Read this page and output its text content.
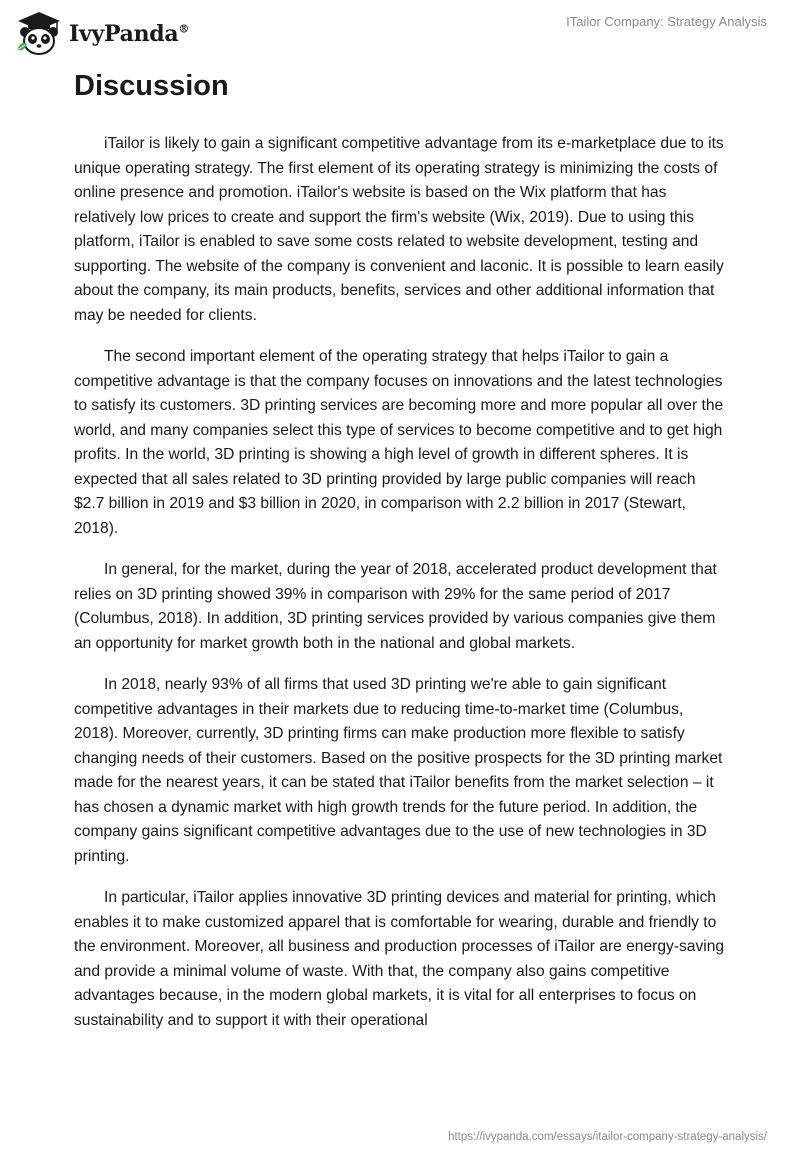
IvyPanda®
ITailor Company: Strategy Analysis
Discussion

iTailor is likely to gain a significant competitive advantage from its e-marketplace due to its unique operating strategy. The first element of its operating strategy is minimizing the costs of online presence and promotion. iTailor's website is based on the Wix platform that has relatively low prices to create and support the firm's website (Wix, 2019). Due to using this platform, iTailor is enabled to save some costs related to website development, testing and supporting. The website of the company is convenient and laconic. It is possible to learn easily about the company, its main products, benefits, services and other additional information that may be needed for clients.

The second important element of the operating strategy that helps iTailor to gain a competitive advantage is that the company focuses on innovations and the latest technologies to satisfy its customers. 3D printing services are becoming more and more popular all over the world, and many companies select this type of services to become competitive and to get high profits. In the world, 3D printing is showing a high level of growth in different spheres. It is expected that all sales related to 3D printing provided by large public companies will reach $2.7 billion in 2019 and $3 billion in 2020, in comparison with 2.2 billion in 2017 (Stewart, 2018).

In general, for the market, during the year of 2018, accelerated product development that relies on 3D printing showed 39% in comparison with 29% for the same period of 2017 (Columbus, 2018). In addition, 3D printing services provided by various companies give them an opportunity for market growth both in the national and global markets.

In 2018, nearly 93% of all firms that used 3D printing we're able to gain significant competitive advantages in their markets due to reducing time-to-market time (Columbus, 2018). Moreover, currently, 3D printing firms can make production more flexible to satisfy changing needs of their customers. Based on the positive prospects for the 3D printing market made for the nearest years, it can be stated that iTailor benefits from the market selection – it has chosen a dynamic market with high growth trends for the future period. In addition, the company gains significant competitive advantages due to the use of new technologies in 3D printing.

In particular, iTailor applies innovative 3D printing devices and material for printing, which enables it to make customized apparel that is comfortable for wearing, durable and friendly to the environment. Moreover, all business and production processes of iTailor are energy-saving and provide a minimal volume of waste. With that, the company also gains competitive advantages because, in the modern global markets, it is vital for all enterprises to focus on sustainability and to support it with their operational

https://ivypanda.com/essays/itailor-company-strategy-analysis/
